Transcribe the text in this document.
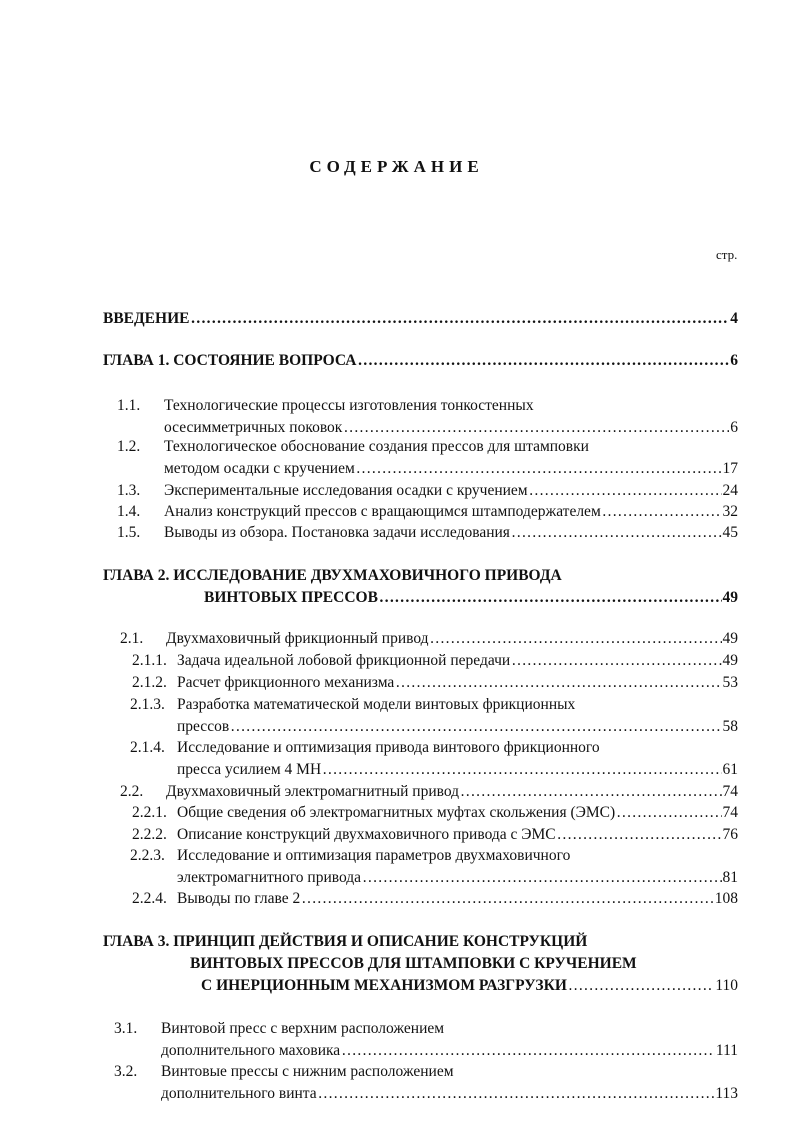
СОДЕРЖАНИЕ
стр.
ВВЕДЕНИЕ ……………………………………………………………………………………………………………………………………………………………………………………	4
ГЛАВА 1. СОСТОЯНИЕ ВОПРОСА ……………………………………………………………………………………………………………………………………………………………………………………	6
1.1.	Технологические процессы изготовления тонкостенных
осесимметричных поковок ……………………………………………………………………………………………………………………………………………………………………………………	6
1.2.	Технологическое обоснование создания прессов для штамповки
методом осадки с кручением ……………………………………………………………………………………………………………………………………………………………………………………	17
1.3.	Экспериментальные исследования осадки с кручением ……………………………………………………………………………………………………………………………………………………………………………………	24
1.4.	Анализ конструкций прессов с вращающимся штамподержателем ……………………………………………………………………………………………………………………………………………………………………………………	32
1.5.	Выводы из обзора. Постановка задачи исследования ……………………………………………………………………………………………………………………………………………………………………………………	45
ГЛАВА 2. ИССЛЕДОВАНИЕ ДВУХМАХОВИЧНОГО ПРИВОДА
ВИНТОВЫХ ПРЕССОВ ……………………………………………………………………………………………………………………………………………………………………………………	49
2.1.	Двухмаховичный фрикционный привод ……………………………………………………………………………………………………………………………………………………………………………………	49
2.1.1. Задача идеальной лобовой фрикционной передачи ……………………………………………………………………………………………………………………………………………………………………………………	49
2.1.2. Расчет фрикционного механизма ……………………………………………………………………………………………………………………………………………………………………………………	53
2.1.3. Разработка математической модели винтовых фрикционных
прессов ……………………………………………………………………………………………………………………………………………………………………………………	58
2.1.4. Исследование и оптимизация привода винтового фрикционного
пресса усилием 4 МН ……………………………………………………………………………………………………………………………………………………………………………………	61
2.2.	Двухмаховичный электромагнитный привод ……………………………………………………………………………………………………………………………………………………………………………………	74
2.2.1. Общие сведения об электромагнитных муфтах скольжения (ЭМС) ……………………………………………………………………………………………………………………………………………………………………………………	74
2.2.2. Описание конструкций двухмаховичного привода с ЭМС ……………………………………………………………………………………………………………………………………………………………………………………	76
2.2.3. Исследование и оптимизация параметров двухмаховичного
электромагнитного привода ……………………………………………………………………………………………………………………………………………………………………………………	81
2.2.4. Выводы по главе 2 ……………………………………………………………………………………………………………………………………………………………………………………	108
ГЛАВА 3. ПРИНЦИП ДЕЙСТВИЯ И ОПИСАНИЕ КОНСТРУКЦИЙ
ВИНТОВЫХ ПРЕССОВ ДЛЯ ШТАМПОВКИ С КРУЧЕНИЕМ
С ИНЕРЦИОННЫМ МЕХАНИЗМОМ РАЗГРУЗКИ ……………………………………………………………………………………………………………………………………………………………………………………	110
3.1.	Винтовой пресс с верхним расположением
дополнительного маховика ……………………………………………………………………………………………………………………………………………………………………………………	111
3.2.	Винтовые прессы с нижним расположением
дополнительного винта ……………………………………………………………………………………………………………………………………………………………………………………	113
